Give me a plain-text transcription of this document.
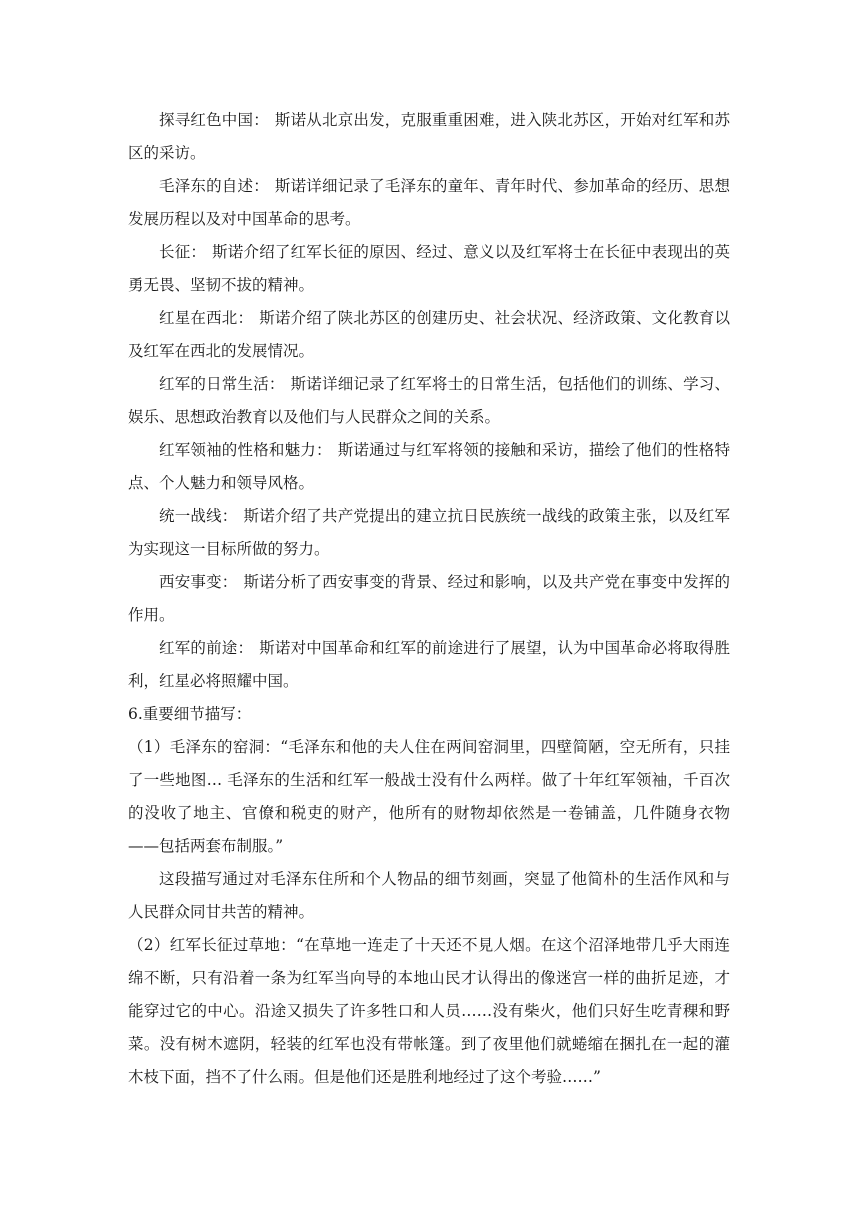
探寻红色中国： 斯诺从北京出发，克服重重困难，进入陕北苏区，开始对红军和苏区的采访。

毛泽东的自述： 斯诺详细记录了毛泽东的童年、青年时代、参加革命的经历、思想发展历程以及对中国革命的思考。

长征： 斯诺介绍了红军长征的原因、经过、意义以及红军将士在长征中表现出的英勇无畏、坚韧不拔的精神。

红星在西北： 斯诺介绍了陕北苏区的创建历史、社会状况、经济政策、文化教育以及红军在西北的发展情况。

红军的日常生活： 斯诺详细记录了红军将士的日常生活，包括他们的训练、学习、娱乐、思想政治教育以及他们与人民群众之间的关系。

红军领袖的性格和魅力： 斯诺通过与红军将领的接触和采访，描绘了他们的性格特点、个人魅力和领导风格。

统一战线： 斯诺介绍了共产党提出的建立抗日民族统一战线的政策主张，以及红军为实现这一目标所做的努力。

西安事变： 斯诺分析了西安事变的背景、经过和影响，以及共产党在事变中发挥的作用。

红军的前途： 斯诺对中国革命和红军的前途进行了展望，认为中国革命必将取得胜利，红星必将照耀中国。

6.重要细节描写：

（1）毛泽东的窑洞：“毛泽东和他的夫人住在两间窑洞里，四壁简陋，空无所有，只挂了一些地图… 毛泽东的生活和红军一般战士没有什么两样。做了十年红军领袖，千百次的没收了地主、官僚和税吏的财产，他所有的财物却依然是一卷铺盖，几件随身衣物——包括两套布制服。”

这段描写通过对毛泽东住所和个人物品的细节刻画，突显了他简朴的生活作风和与人民群众同甘共苦的精神。

（2）红军长征过草地：“在草地一连走了十天还不見人烟。在这个沼泽地带几乎大雨连绵不断，只有沿着一条为红军当向导的本地山民才认得出的像迷宫一样的曲折足迹，才能穿过它的中心。沿途又损失了许多牲口和人员……没有柴火，他们只好生吃青稞和野菜。没有树木遮阴，轻装的红军也没有带帐篷。到了夜里他们就蜷缩在捆扎在一起的灌木枝下面，挡不了什么雨。但是他们还是胜利地经过了这个考验……”
